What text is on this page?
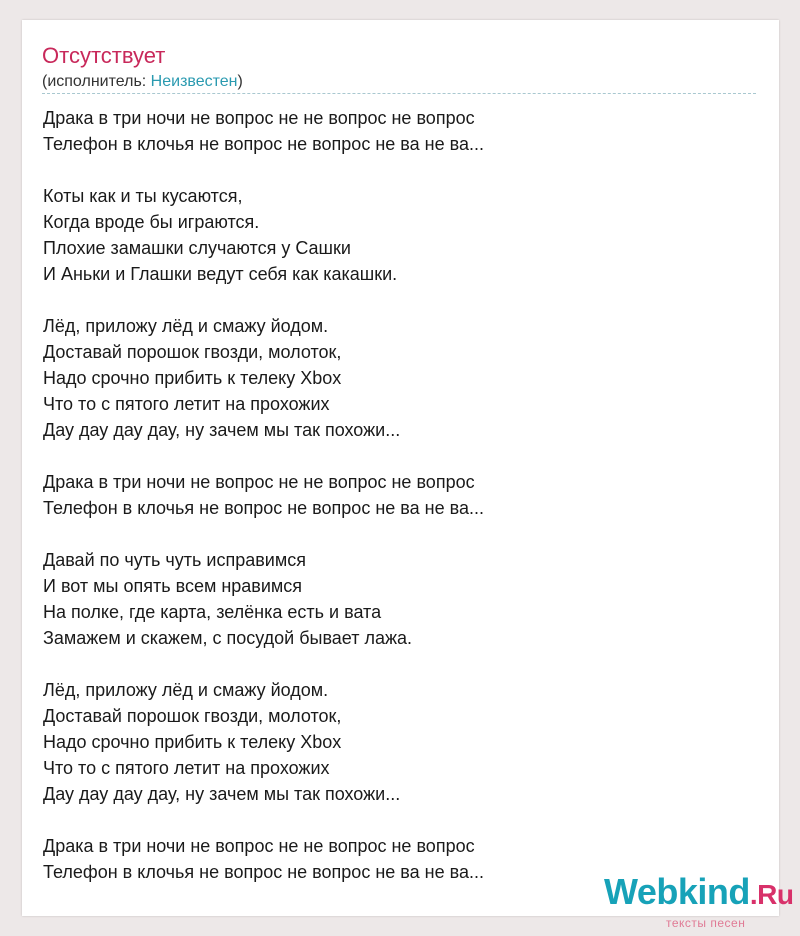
Отсутствует
(исполнитель: Неизвестен)
Драка в три ночи не вопрос не не вопрос не вопрос
Телефон в клочья не вопрос не вопрос не ва не ва...
Коты как и ты кусаются,
Когда вроде бы играются.
Плохие замашки случаются у Сашки
И Аньки и Глашки ведут себя как какашки.
Лёд, приложу лёд и смажу йодом.
Доставай порошок гвозди, молоток,
Надо срочно прибить к телеку Xbox
Что то с пятого летит на прохожих
Дау дау дау дау, ну зачем мы так похожи...
Драка в три ночи не вопрос не не вопрос не вопрос
Телефон в клочья не вопрос не вопрос не ва не ва...
Давай по чуть чуть исправимся
И вот мы опять всем нравимся
На полке, где карта, зелёнка есть и вата
Замажем и скажем, с посудой бывает лажа.
Лёд, приложу лёд и смажу йодом.
Доставай порошок гвозди, молоток,
Надо срочно прибить к телеку Xbox
Что то с пятого летит на прохожих
Дау дау дау дау, ну зачем мы так похожи...
Драка в три ночи не вопрос не не вопрос не вопрос
Телефон в клочья не вопрос не вопрос не ва не ва...	Webkind.Ru
тексты песен
